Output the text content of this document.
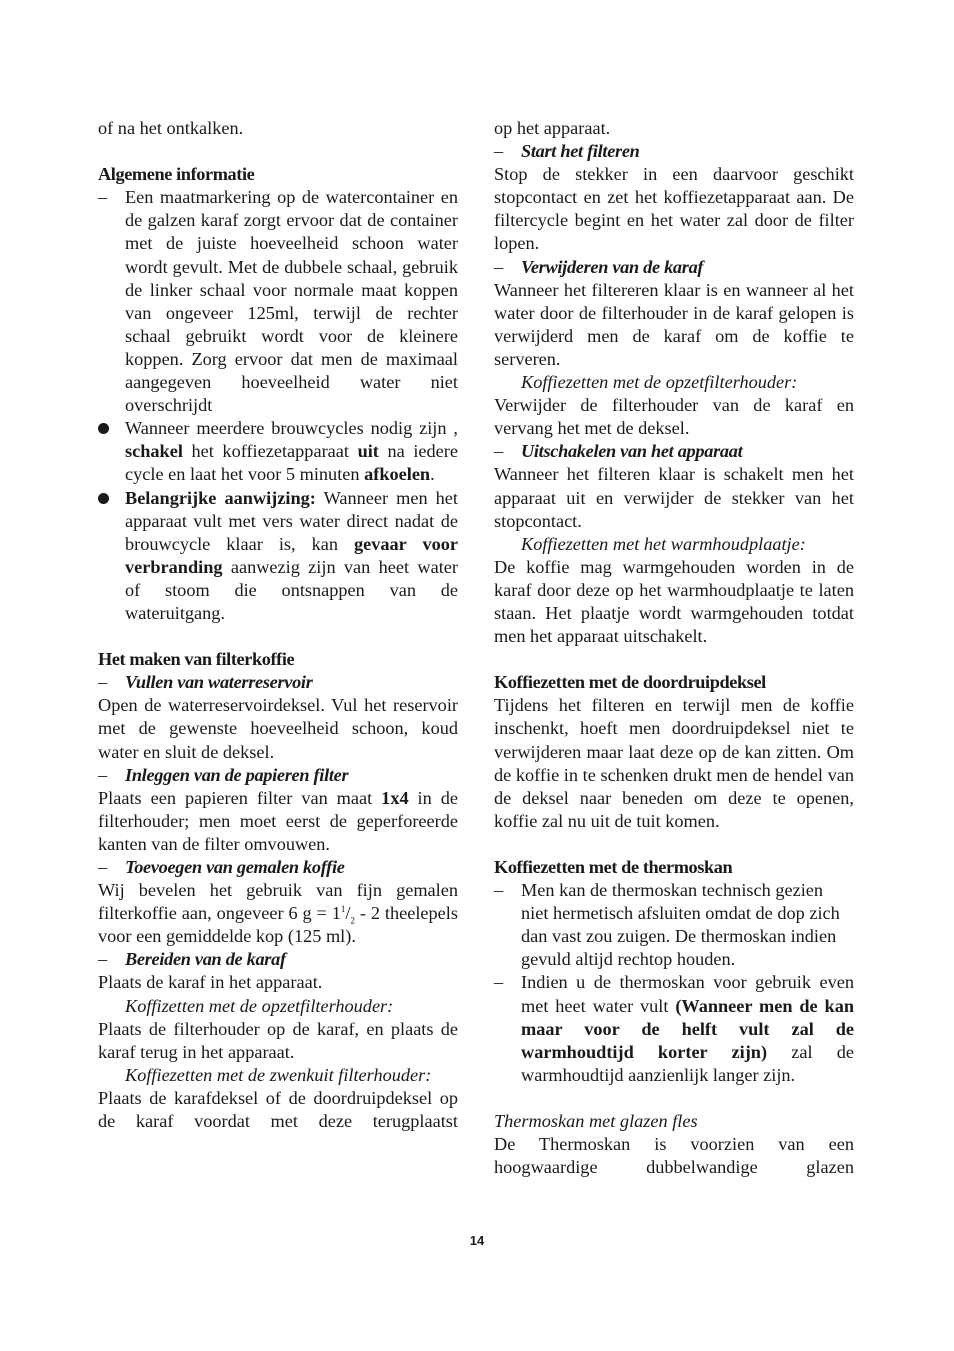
of na het ontkalken.

Algemene informatie

– Een maatmarkering op de watercontainer en de galzen karaf zorgt ervoor dat de container met de juiste hoeveelheid schoon water wordt gevult. Met de dubbele schaal, gebruik de linker schaal voor normale maat koppen van ongeveer 125ml, terwijl de rechter schaal gebruikt wordt voor de kleinere koppen. Zorg ervoor dat men de maximaal aangegeven hoeveelheid water niet overschrijdt
Wanneer meerdere brouwcycles nodig zijn , schakel het koffiezetapparaat uit na iedere cycle en laat het voor 5 minuten afkoelen.
Belangrijke aanwijzing: Wanneer men het apparaat vult met vers water direct nadat de brouwcycle klaar is, kan gevaar voor verbranding aanwezig zijn van heet water of stoom die ontsnappen van de wateruitgang.

Het maken van filterkoffie

– Vullen van waterreservoir

Open de waterreservoirdeksel. Vul het reservoir met de gewenste hoeveelheid schoon, koud water en sluit de deksel.

– Inleggen van de papieren filter

Plaats een papieren filter van maat 1x4 in de filterhouder; men moet eerst de geperforeerde kanten van de filter omvouwen.

– Toevoegen van gemalen koffie

Wij bevelen het gebruik van fijn gemalen filterkoffie aan, ongeveer 6 $g = 1^1/_2 - 2$ theelepels voor een gemiddelde kop (125 ml).

– Bereiden van de karaf

Plaats de karaf in het apparaat.

Koffizetten met de opzetfilterhouder:

Plaats de filterhouder op de karaf, en plaats de karaf terug in het apparaat.

Koffiezetten met de zwenkuit filterhouder:

Plaats de karafdeksel of de doordruipdeksel op de karaf voordat met deze terugplaatst

op het apparaat.

– Start het filteren

Stop de stekker in een daarvoor geschikt stopcontact en zet het koffiezetapparaat aan. De filtercycle begint en het water zal door de filter lopen.

– Verwijderen van de karaf

Wanneer het filtereren klaar is en wanneer al het water door de filterhouder in de karaf gelopen is verwijderd men de karaf om de koffie te serveren.

Koffiezetten met de opzetfilterhouder:

Verwijder de filterhouder van de karaf en vervang het met de deksel.

– Uitschakelen van het apparaat

Wanneer het filteren klaar is schakelt men het apparaat uit en verwijder de stekker van het stopcontact.

Koffiezetten met het warmhoudplaatje:

De koffie mag warmgehouden worden in de karaf door deze op het warmhoudplaatje te laten staan. Het plaatje wordt warmgehouden totdat men het apparaat uitschakelt.

Koffiezetten met de doordruipdeksel

Tijdens het filteren en terwijl men de koffie inschenkt, hoeft men doordruipdeksel niet te verwijderen maar laat deze op de kan zitten. Om de koffie in te schenken drukt men de hendel van de deksel naar beneden om deze te openen, koffie zal nu uit de tuit komen.

Koffiezetten met de thermoskan

– Men kan de thermoskan technisch gezien niet hermetisch afsluiten omdat de dop zich dan vast zou zuigen. De thermoskan indien gevuld altijd rechtop houden.
– Indien u de thermoskan voor gebruik even met heet water vult (Wanneer men de kan maar voor de helft vult zal de warmhoudtijd korter zijn) zal de warmhoudtijd aanzienlijk langer zijn.

Thermoskan met glazen fles

De Thermoskan is voorzien van een hoogwaardige dubbelwandige glazen

14
